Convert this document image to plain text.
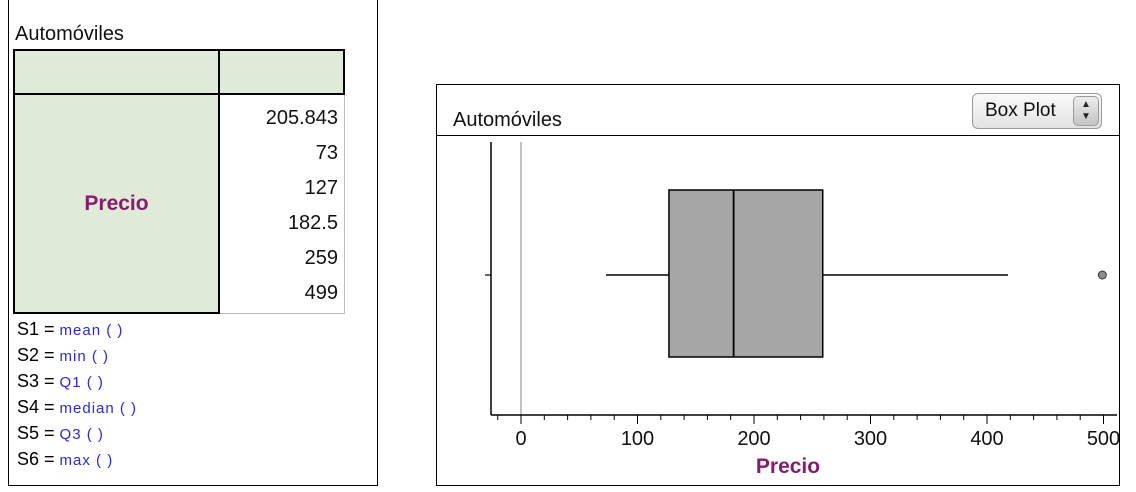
Automóviles
Precio
205.843
73
127
182.5
259
499
S1 = mean ( )
S2 = min ( )
S3 = Q1 ( )
S4 = median ( )
S5 = Q3 ( )
S6 = max ( )
Automóviles	Box Plot	▲
▼
0	100	200	300	400	500
Precio
